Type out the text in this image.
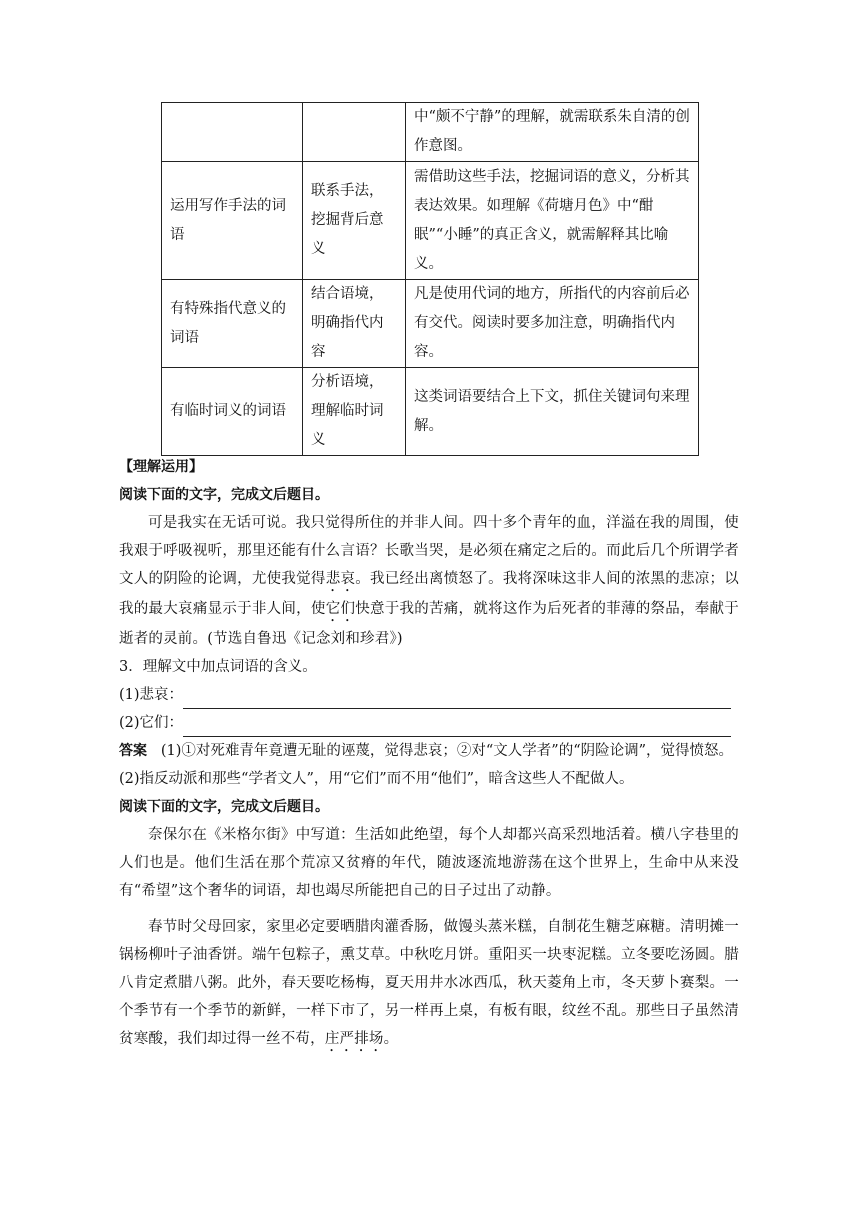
		中“颇不宁静”的理解，就需联系朱自清的创作意图。
运用写作手法的词语	联系手法，挖掘背后意义	需借助这些手法，挖掘词语的意义，分析其表达效果。如理解《荷塘月色》中“酣眠”“小睡”的真正含义，就需解释其比喻义。
有特殊指代意义的词语	结合语境，明确指代内容	凡是使用代词的地方，所指代的内容前后必有交代。阅读时要多加注意，明确指代内容。
有临时词义的词语	分析语境，理解临时词义	这类词语要结合上下文，抓住关键词句来理解。
【理解运用】
阅读下面的文字，完成文后题目。
可是我实在无话可说。我只觉得所住的并非人间。四十多个青年的血，洋溢在我的周围，使我艰于呼吸视听，那里还能有什么言语？长歌当哭，是必须在痛定之后的。而此后几个所谓学者文人的阴险的论调，尤使我觉得悲哀。我已经出离愤怒了。我将深味这非人间的浓黑的悲凉；以我的最大哀痛显示于非人间，使它们快意于我的苦痛，就将这作为后死者的菲薄的祭品，奉献于逝者的灵前。(节选自鲁迅《记念刘和珍君》)
3．理解文中加点词语的含义。
(1)悲哀：
(2)它们：
答案 (1)①对死难青年竟遭无耻的诬蔑，觉得悲哀；②对“文人学者”的“阴险论调”，觉得愤怒。
(2)指反动派和那些“学者文人”，用“它们”而不用“他们”，暗含这些人不配做人。
阅读下面的文字，完成文后题目。
奈保尔在《米格尔街》中写道：生活如此绝望，每个人却都兴高采烈地活着。横八字巷里的人们也是。他们生活在那个荒凉又贫瘠的年代，随波逐流地游荡在这个世界上，生命中从来没有“希望”这个奢华的词语，却也竭尽所能把自己的日子过出了动静。
春节时父母回家，家里必定要晒腊肉灌香肠，做馒头蒸米糕，自制花生糖芝麻糖。清明摊一锅杨柳叶子油香饼。端午包粽子，熏艾草。中秋吃月饼。重阳买一块枣泥糕。立冬要吃汤圆。腊八肯定煮腊八粥。此外，春天要吃杨梅，夏天用井水冰西瓜，秋天菱角上市，冬天萝卜赛梨。一个季节有一个季节的新鲜，一样下市了，另一样再上桌，有板有眼，纹丝不乱。那些日子虽然清贫寒酸，我们却过得一丝不苟，庄严排场。
